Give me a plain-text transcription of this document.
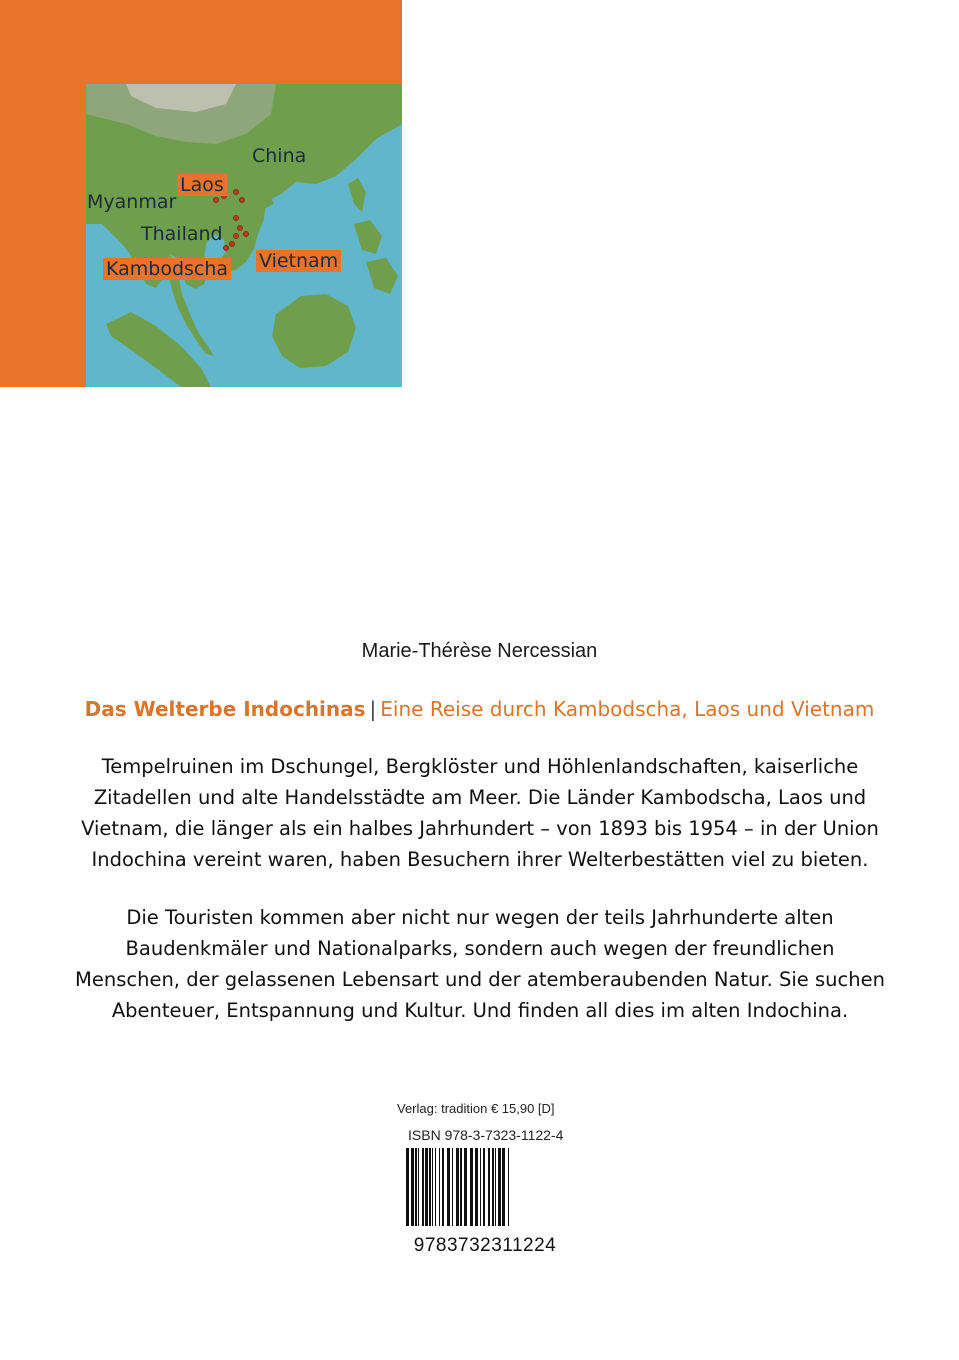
China
Laos
Myanmar
Thailand
Kambodscha Vietnam
Marie-Thérèse Nercessian
Das Welterbe Indochinas | Eine Reise durch Kambodscha, Laos und Vietnam
Tempelruinen im Dschungel, Bergklöster und Höhlenlandschaften, kaiserliche Zitadellen und alte Handelsstädte am Meer. Die Länder Kambodscha, Laos und Vietnam, die länger als ein halbes Jahrhundert – von 1893 bis 1954 – in der Union Indochina vereint waren, haben Besuchern ihrer Welterbestätten viel zu bieten.
Die Touristen kommen aber nicht nur wegen der teils Jahrhunderte alten Baudenkmäler und Nationalparks, sondern auch wegen der freundlichen Menschen, der gelassenen Lebensart und der atemberaubenden Natur. Sie suchen Abenteuer, Entspannung und Kultur. Und finden all dies im alten Indochina.
Verlag: tradition € 15,90 [D]
ISBN 978-3-7323-1122-4
9783732311224
